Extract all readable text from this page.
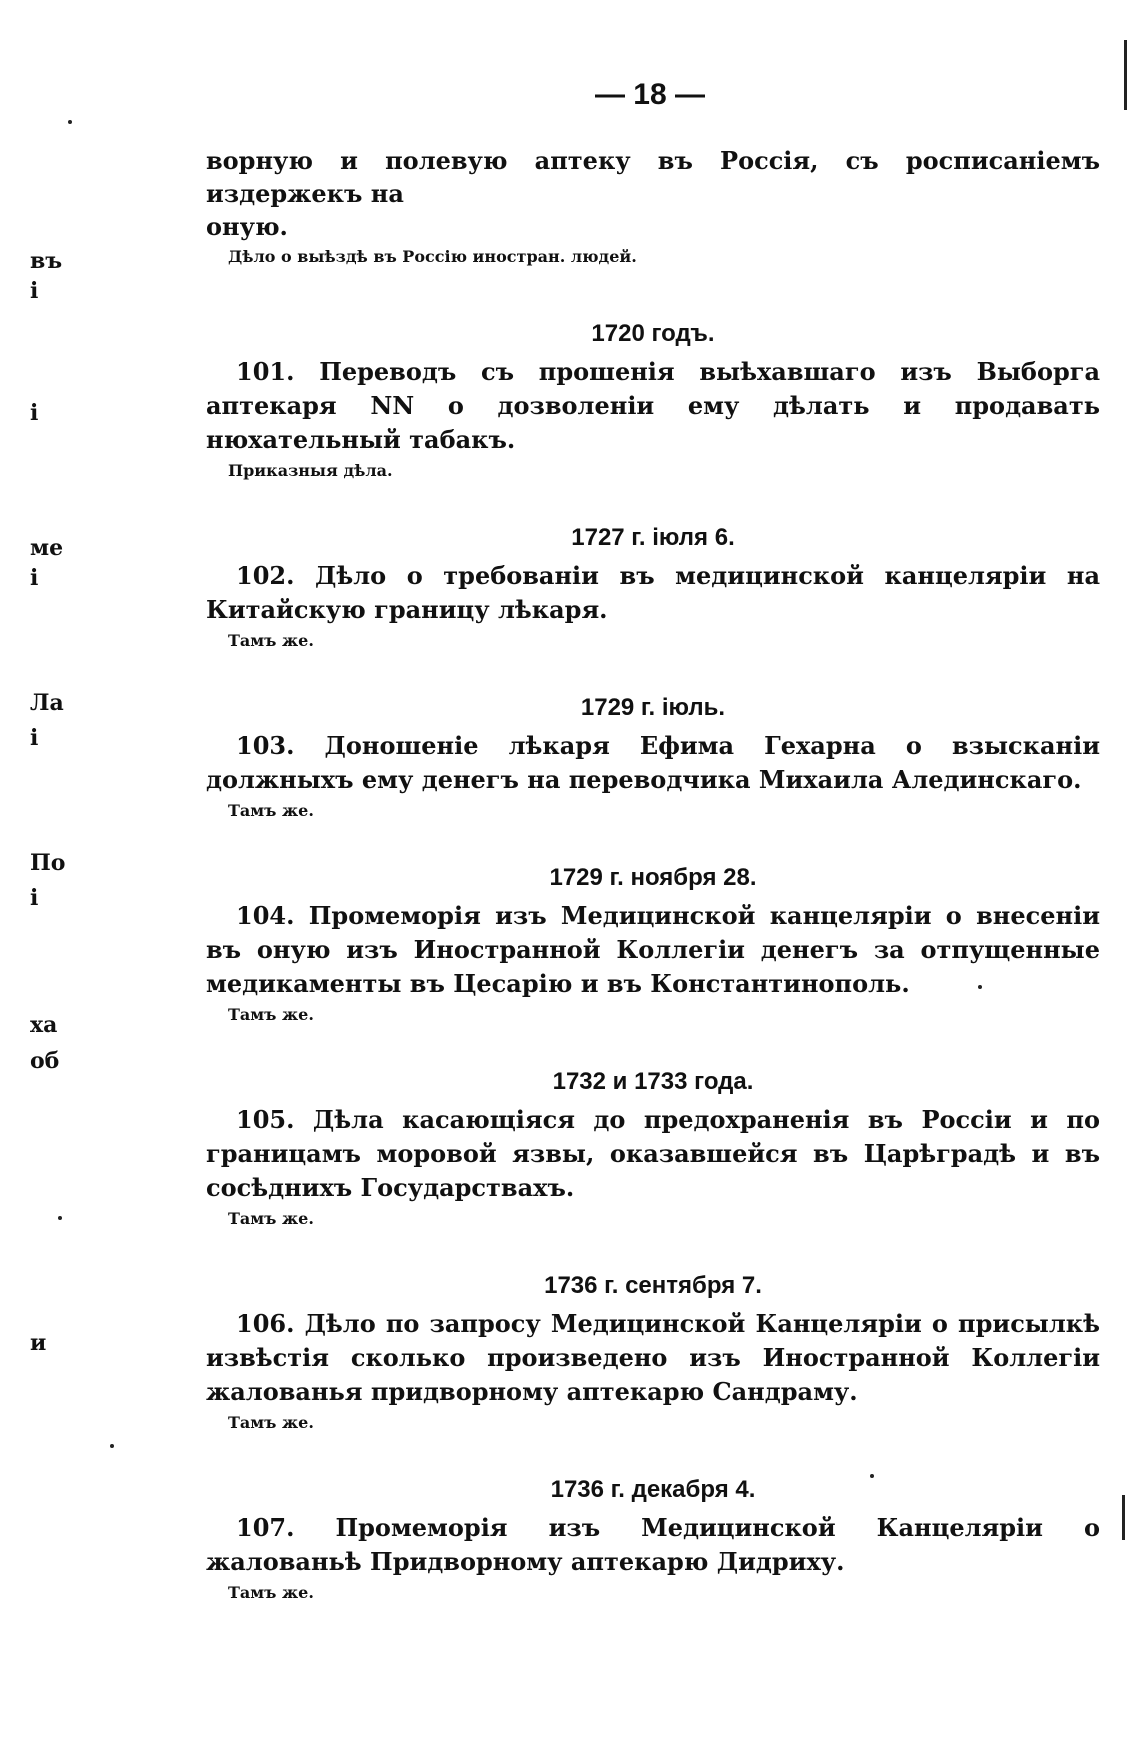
— 18 —
въ
і
і
ме
і
Ла
і
По
і
ха
об
и

ворную и полевую аптеку въ Россія, съ росписаніемъ издержекъ на

оную.

Дѣло о выѣздѣ въ Россію иностран. людей.
1720 годъ.
101. Переводъ съ прошенія выѣхавшаго изъ Выборга аптекаря NN о дозволеніи ему дѣлать и продавать нюхательный табакъ.
Приказныя дѣла.
1727 г. іюля 6.
102. Дѣло о требованіи въ медицинской канцеляріи на Китайскую границу лѣкаря.
Тамъ же.
1729 г. іюль.
103. Доношеніе лѣкаря Ефима Гехарна о взысканіи должныхъ ему денегъ на переводчика Михаила Алединскаго.
Тамъ же.
1729 г. ноября 28.
104. Промеморія изъ Медицинской канцеляріи о внесеніи въ оную изъ Иностранной Коллегіи денегъ за отпущенные медикаменты въ Цесарію и въ Константинополь.
Тамъ же.
1732 и 1733 года.
105. Дѣла касающіяся до предохраненія въ Россіи и по границамъ моровой язвы, оказавшейся въ Царѣградѣ и въ сосѣднихъ Государствахъ.
Тамъ же.
1736 г. сентября 7.
106. Дѣло по запросу Медицинской Канцеляріи о присылкѣ извѣстія сколько произведено изъ Иностранной Коллегіи жалованья придворному аптекарю Сандраму.
Тамъ же.
1736 г. декабря 4.
107. Промеморія изъ Медицинской Канцеляріи о жалованьѣ Придворному аптекарю Дидриху.
Тамъ же.
